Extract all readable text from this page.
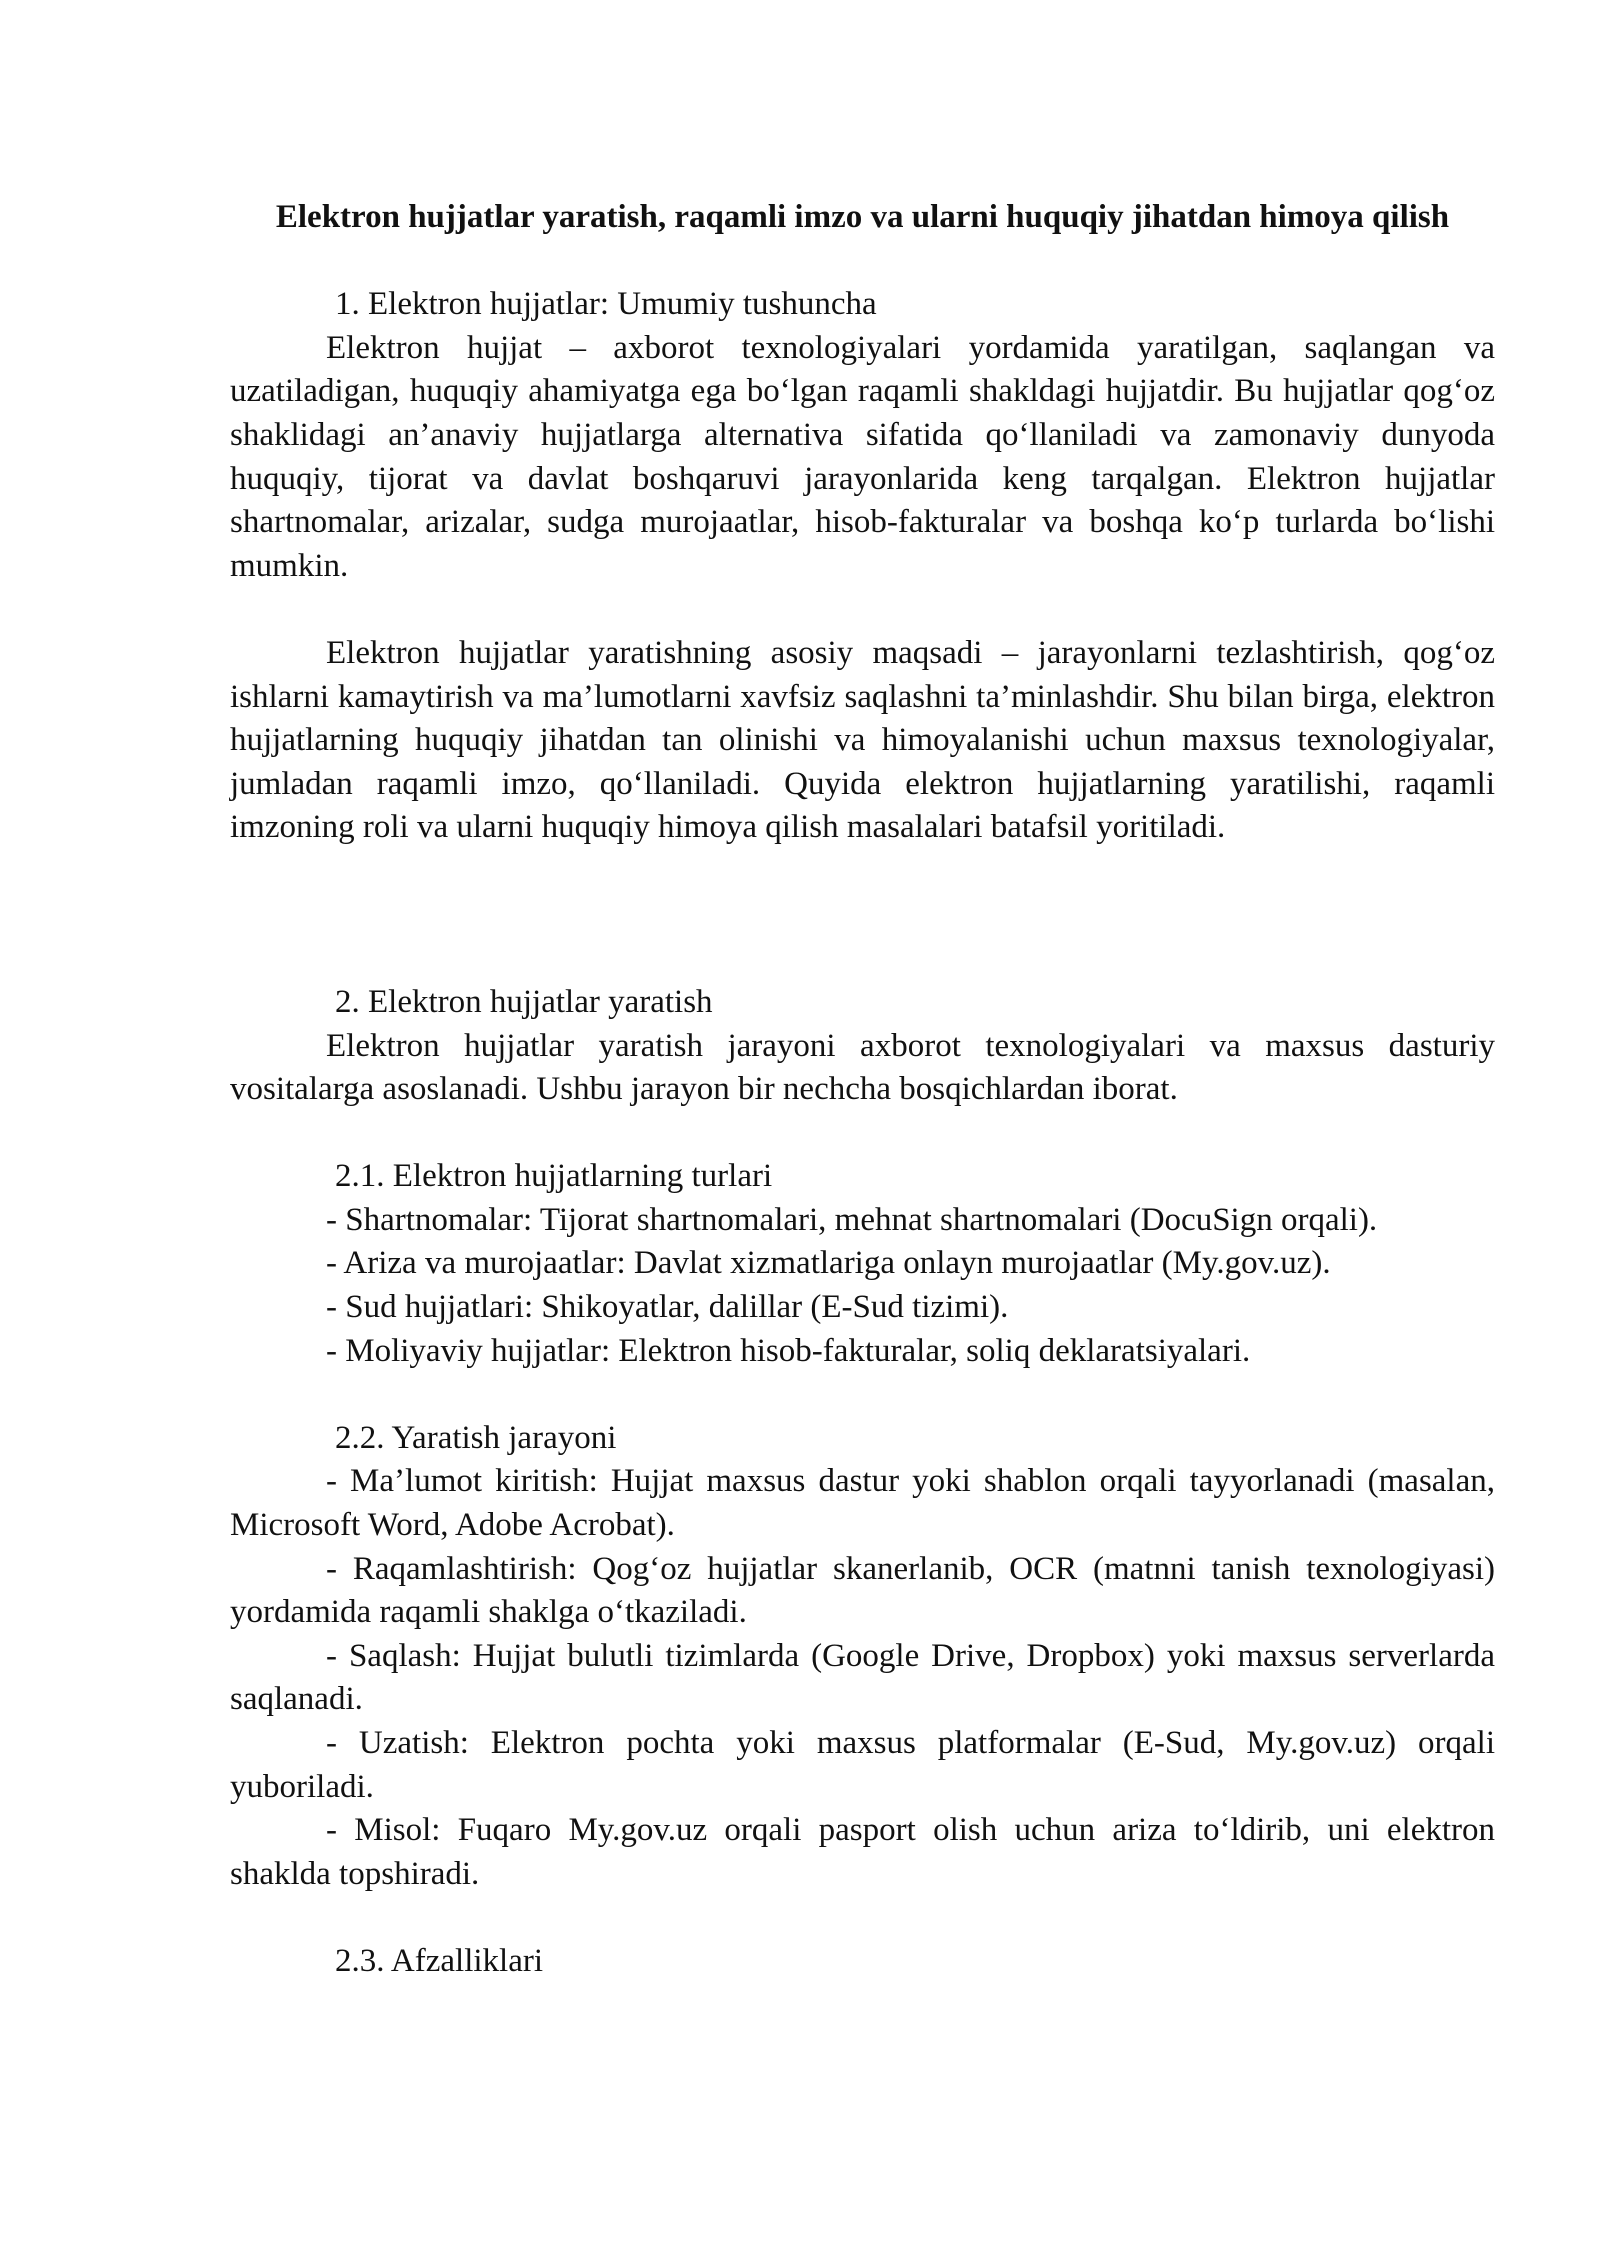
Elektron hujjatlar yaratish, raqamli imzo va ularni huquqiy jihatdan himoya qilish

1. Elektron hujjatlar: Umumiy tushuncha

Elektron hujjat – axborot texnologiyalari yordamida yaratilgan, saqlangan va uzatiladigan, huquqiy ahamiyatga ega bo‘lgan raqamli shakldagi hujjatdir. Bu hujjatlar qog‘oz shaklidagi an’anaviy hujjatlarga alternativa sifatida qo‘llaniladi va zamonaviy dunyoda huquqiy, tijorat va davlat boshqaruvi jarayonlarida keng tarqalgan. Elektron hujjatlar shartnomalar, arizalar, sudga murojaatlar, hisob-fakturalar va boshqa ko‘p turlarda bo‘lishi mumkin.

Elektron hujjatlar yaratishning asosiy maqsadi – jarayonlarni tezlashtirish, qog‘oz ishlarni kamaytirish va ma’lumotlarni xavfsiz saqlashni ta’minlashdir. Shu bilan birga, elektron hujjatlarning huquqiy jihatdan tan olinishi va himoyalanishi uchun maxsus texnologiyalar, jumladan raqamli imzo, qo‘llaniladi. Quyida elektron hujjatlarning yaratilishi, raqamli imzoning roli va ularni huquqiy himoya qilish masalalari batafsil yoritiladi.

2. Elektron hujjatlar yaratish

Elektron hujjatlar yaratish jarayoni axborot texnologiyalari va maxsus dasturiy vositalarga asoslanadi. Ushbu jarayon bir nechcha bosqichlardan iborat.

2.1. Elektron hujjatlarning turlari

- Shartnomalar: Tijorat shartnomalari, mehnat shartnomalari (DocuSign orqali).

- Ariza va murojaatlar: Davlat xizmatlariga onlayn murojaatlar (My.gov.uz).

- Sud hujjatlari: Shikoyatlar, dalillar (E-Sud tizimi).

- Moliyaviy hujjatlar: Elektron hisob-fakturalar, soliq deklaratsiyalari.

2.2. Yaratish jarayoni

- Ma’lumot kiritish: Hujjat maxsus dastur yoki shablon orqali tayyorlanadi (masalan, Microsoft Word, Adobe Acrobat).

- Raqamlashtirish: Qog‘oz hujjatlar skanerlanib, OCR (matnni tanish texnologiyasi) yordamida raqamli shaklga o‘tkaziladi.

- Saqlash: Hujjat bulutli tizimlarda (Google Drive, Dropbox) yoki maxsus serverlarda saqlanadi.

- Uzatish: Elektron pochta yoki maxsus platformalar (E-Sud, My.gov.uz) orqali yuboriladi.

- Misol: Fuqaro My.gov.uz orqali pasport olish uchun ariza to‘ldirib, uni elektron shaklda topshiradi.

2.3. Afzalliklari
